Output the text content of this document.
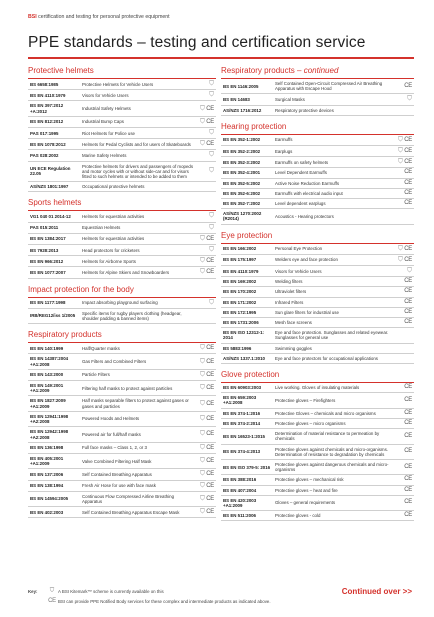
BSI certification and testing for personal protective equipment
PPE standards – testing and certification service
Protective helmets
BS 6658:1985	Protective Helmets for Vehicle Users	⛉
BS EN 4110:1979	Visors for Vehicle Users	⛉
BS EN 397:2012 +A:2012	Industrial Safety Helmets	⛉ CE
BS EN 812:2012	Industrial Bump Caps	⛉ CE
PAS 017:1995	Riot Helmets for Police use	⛉
BS EN 1078:2012	Helmets for Pedal Cyclists and for users of Skateboards	⛉ CE
PAS 028:2002	Marine Safety Helmets	⛉
UN ECE Regulation 22.05	Protective helmets for drivers and passengers of mopeds and motor cycles with or without side-car and for visors fitted to such helmets or intended to be added to them	⛉
AS/NZS 1801:1997	Occupational protective helmets	
Sports helmets
VG1 040 01 2014-12	Helmets for equestrian activities	⛉
PAS 015:2011	Equestrian Helmets	⛉
BS EN 1384:2017	Helmets for equestrian activities	⛉ CE
BS 7928:2013	Head protectors for cricketers	⛉
BS EN 966:2012	Helmets for Airborne Sports	⛉ CE
BS EN 1077:2007	Helmets for Alpine Skiers and Snowboarders	⛉ CE
Impact protection for the body
BS EN 1177:1998	Impact absorbing playground surfacing	⛉
IRB/REG12/iss 1/2005	Specific items for rugby players clothing (headgear, shoulder padding & banned items)	
Respiratory products
BS EN 140:1999	Half/Quarter masks	⛉ CE
BS EN 14387:2004 +A1:2008	Gas Filters and Combined Filters	⛉ CE
BS EN 143:2000	Particle Filters	⛉ CE
BS EN 149:2001 +A1:2009	Filtering half masks to protect against particles	⛉ CE
BS EN 1827:2009 +A1:2009	Half masks separable filters to protect against gases or gases and particles	⛉ CE
BS EN 12941:1998 +A2:2008	Powered Hoods and Helmets	⛉ CE
BS EN 12942:1998 +A2:2008	Powered air for full/half masks	⛉ CE
BS EN 136:1998	Full face masks – Class 1, 2, or 3	⛉ CE
BS EN 405:2001 +A1:2009	Valve Combined Filtering Half Mask	⛉ CE
BS EN 137:2006	Self Contained Breathing Apparatus	⛉ CE
BS EN 138:1994	Fresh Air Hose for use with face mask	⛉ CE
BS EN 14594:2005	Continuous Flow Compressed Airline Breathing Apparatus	⛉ CE
BS EN 402:2003	Self Contained Breathing Apparatus Escape Mask	⛉ CE
Respiratory products – continued
BS EN 1146:2005	Self Contained Open-Circuit Compressed Air Breathing Apparatus with Escape Hood	CE
BS EN 14683	Surgical Masks	⛉
AS/NZS 1716:2012	Respiratory protective devices	
Hearing protection
BS EN 352-1:2002	Earmuffs	⛉ CE
BS EN 352-2:2002	Earplugs	⛉ CE
BS EN 352-3:2002	Earmuffs on safety helmets	⛉ CE
BS EN 352-4:2001	Level Dependent Earmuffs	CE
BS EN 352-5:2002	Active Noise Reduction Earmuffs	CE
BS EN 352-6:2002	Earmuffs with electrical audio input	CE
BS EN 352-7:2002	Level dependent earplugs	CE
AS/NZS 1270:2002 (R2014)	Acoustics - Hearing protectors	
Eye protection
BS EN 166:2002	Personal Eye Protection	⛉ CE
BS EN 175:1997	Welders eye and face protection	⛉ CE
BS EN 4110:1979	Visors for Vehicle Users	⛉
BS EN 169:2002	Welding filters	CE
BS EN 170:2002	Ultraviolet filters	CE
BS EN 171:2002	Infrared Filters	CE
BS EN 172:1995	Sun glare filters for industrial use	CE
BS EN 1731:2006	Mesh face screens	CE
BS EN ISO 12312-1: 2014	Eye and face protection. Sunglasses and related eyewear. Sunglasses for general use	
BS 5883:1996	Swimming goggles	
AS/NZS 1337.1:2010	Eye and face protectors for occupational applications	
Glove protection
BS EN 60903:2003	Live working. Gloves of insulating materials	CE
BS EN 659:2003 +A1:2008	Protective gloves – Firefighters	CE
BS EN 374-1:2016	Protective Gloves – chemicals and micro organisms	CE
BS EN 374-2:2014	Protective gloves – micro organisms	CE
BS EN 16523-1:2015	Determination of material resistance to permeation by chemicals	CE
BS EN 374-4:2013	Protective gloves against chemicals and micro-organisms. Determination of resistance to degradation by chemicals	CE
BS EN ISO 379-5: 2016	Protective gloves against dangerous chemicals and micro-organisms	CE
BS EN 388:2016	Protective gloves – mechanical risk	CE
BS EN 407:2004	Protective gloves – heat and fire	CE
BS EN 420:2003 +A1:2009	Gloves – general requirements	CE
BS EN 511:2006	Protective gloves - cold	CE
Key:	⛉ A BSI Kitemark™ scheme is currently available on this
CE BSI can provide PPE Notified Body services for these complex and intermediate products as indicated above.
Continued over >>
